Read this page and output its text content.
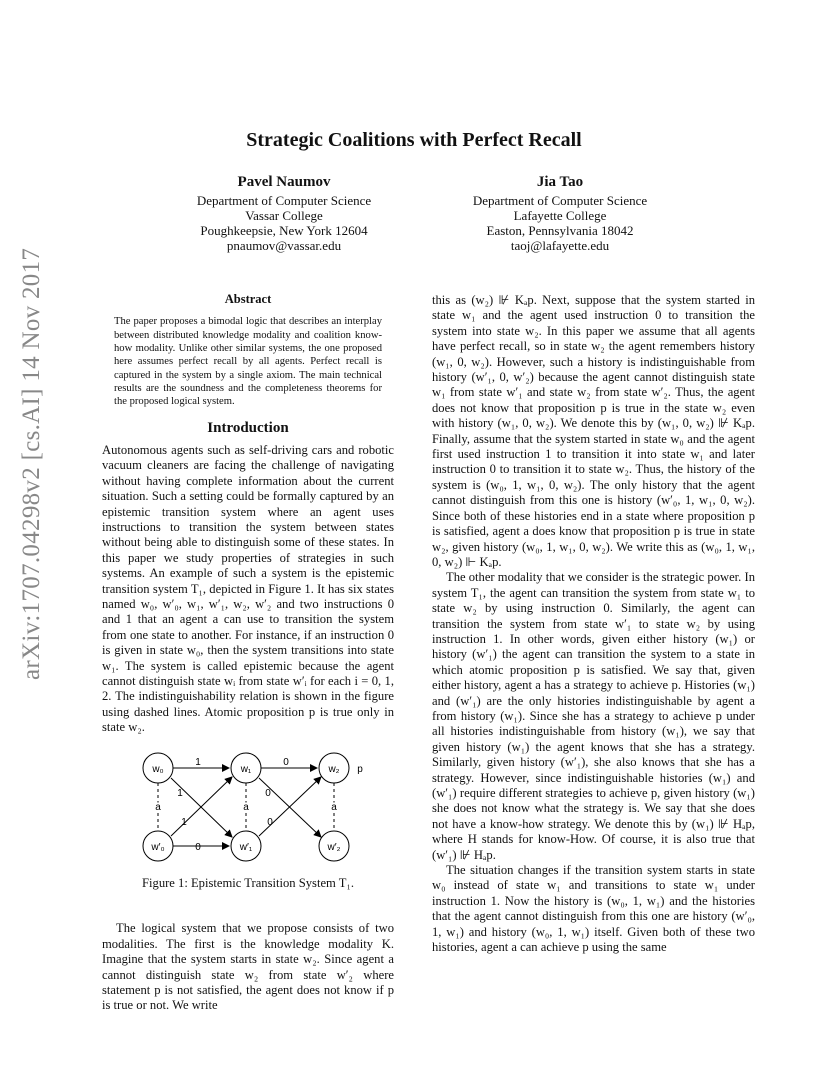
arXiv:1707.04298v2 [cs.AI] 14 Nov 2017
Strategic Coalitions with Perfect Recall
Pavel Naumov
Department of Computer Science
Vassar College
Poughkeepsie, New York 12604
pnaumov@vassar.edu
Jia Tao
Department of Computer Science
Lafayette College
Easton, Pennsylvania 18042
taoj@lafayette.edu
Abstract

The paper proposes a bimodal logic that describes an interplay between distributed knowledge modality and coalition know-how modality. Unlike other similar systems, the one proposed here assumes perfect recall by all agents. Perfect recall is captured in the system by a single axiom. The main technical results are the soundness and the completeness theorems for the proposed logical system.

Introduction

Autonomous agents such as self-driving cars and robotic vacuum cleaners are facing the challenge of navigating without having complete information about the current situation. Such a setting could be formally captured by an epistemic transition system where an agent uses instructions to transition the system between states without being able to distinguish some of these states. In this paper we study properties of strategies in such systems. An example of such a system is the epistemic transition system T₁, depicted in Figure 1. It has six states named w₀, w′₀, w₁, w′₁, w₂, w′₂ and two instructions 0 and 1 that an agent a can use to transition the system from one state to another. For instance, if an instruction 0 is given in state w₀, then the system transitions into state w₁. The system is called epistemic because the agent cannot distinguish state wᵢ from state w′ᵢ for each i = 0, 1, 2. The indistinguishability relation is shown in the figure using dashed lines. Atomic proposition p is true only in state w₂.

w₀	w₁	w₂
w′₀	w′₁	w′₂
1	0
0
1
1	0
0
a	a	a
p
Figure 1: Epistemic Transition System T₁.

The logical system that we propose consists of two modalities. The first is the knowledge modality K. Imagine that the system starts in state w₂. Since agent a cannot distinguish state w₂ from state w′₂ where statement p is not satisfied, the agent does not know if p is true or not. We write

this as (w₂) ⊮ Kₐp. Next, suppose that the system started in state w₁ and the agent used instruction 0 to transition the system into state w₂. In this paper we assume that all agents have perfect recall, so in state w₂ the agent remembers history (w₁, 0, w₂). However, such a history is indistinguishable from history (w′₁, 0, w′₂) because the agent cannot distinguish state w₁ from state w′₁ and state w₂ from state w′₂. Thus, the agent does not know that proposition p is true in the state w₂ even with history (w₁, 0, w₂). We denote this by (w₁, 0, w₂) ⊮ Kₐp. Finally, assume that the system started in state w₀ and the agent first used instruction 1 to transition it into state w₁ and later instruction 0 to transition it to state w₂. Thus, the history of the system is (w₀, 1, w₁, 0, w₂). The only history that the agent cannot distinguish from this one is history (w′₀, 1, w₁, 0, w₂). Since both of these histories end in a state where proposition p is satisfied, agent a does know that proposition p is true in state w₂, given history (w₀, 1, w₁, 0, w₂). We write this as (w₀, 1, w₁, 0, w₂) ⊩ Kₐp.

The other modality that we consider is the strategic power. In system T₁, the agent can transition the system from state w₁ to state w₂ by using instruction 0. Similarly, the agent can transition the system from state w′₁ to state w₂ by using instruction 1. In other words, given either history (w₁) or history (w′₁) the agent can transition the system to a state in which atomic proposition p is satisfied. We say that, given either history, agent a has a strategy to achieve p. Histories (w₁) and (w′₁) are the only histories indistinguishable by agent a from history (w₁). Since she has a strategy to achieve p under all histories indistinguishable from history (w₁), we say that given history (w₁) the agent knows that she has a strategy. Similarly, given history (w′₁), she also knows that she has a strategy. However, since indistinguishable histories (w₁) and (w′₁) require different strategies to achieve p, given history (w₁) she does not know what the strategy is. We say that she does not have a know-how strategy. We denote this by (w₁) ⊮ Hₐp, where H stands for know-How. Of course, it is also true that (w′₁) ⊮ Hₐp.

The situation changes if the transition system starts in state w₀ instead of state w₁ and transitions to state w₁ under instruction 1. Now the history is (w₀, 1, w₁) and the histories that the agent cannot distinguish from this one are history (w′₀, 1, w₁) and history (w₀, 1, w₁) itself. Given both of these two histories, agent a can achieve p using the same
